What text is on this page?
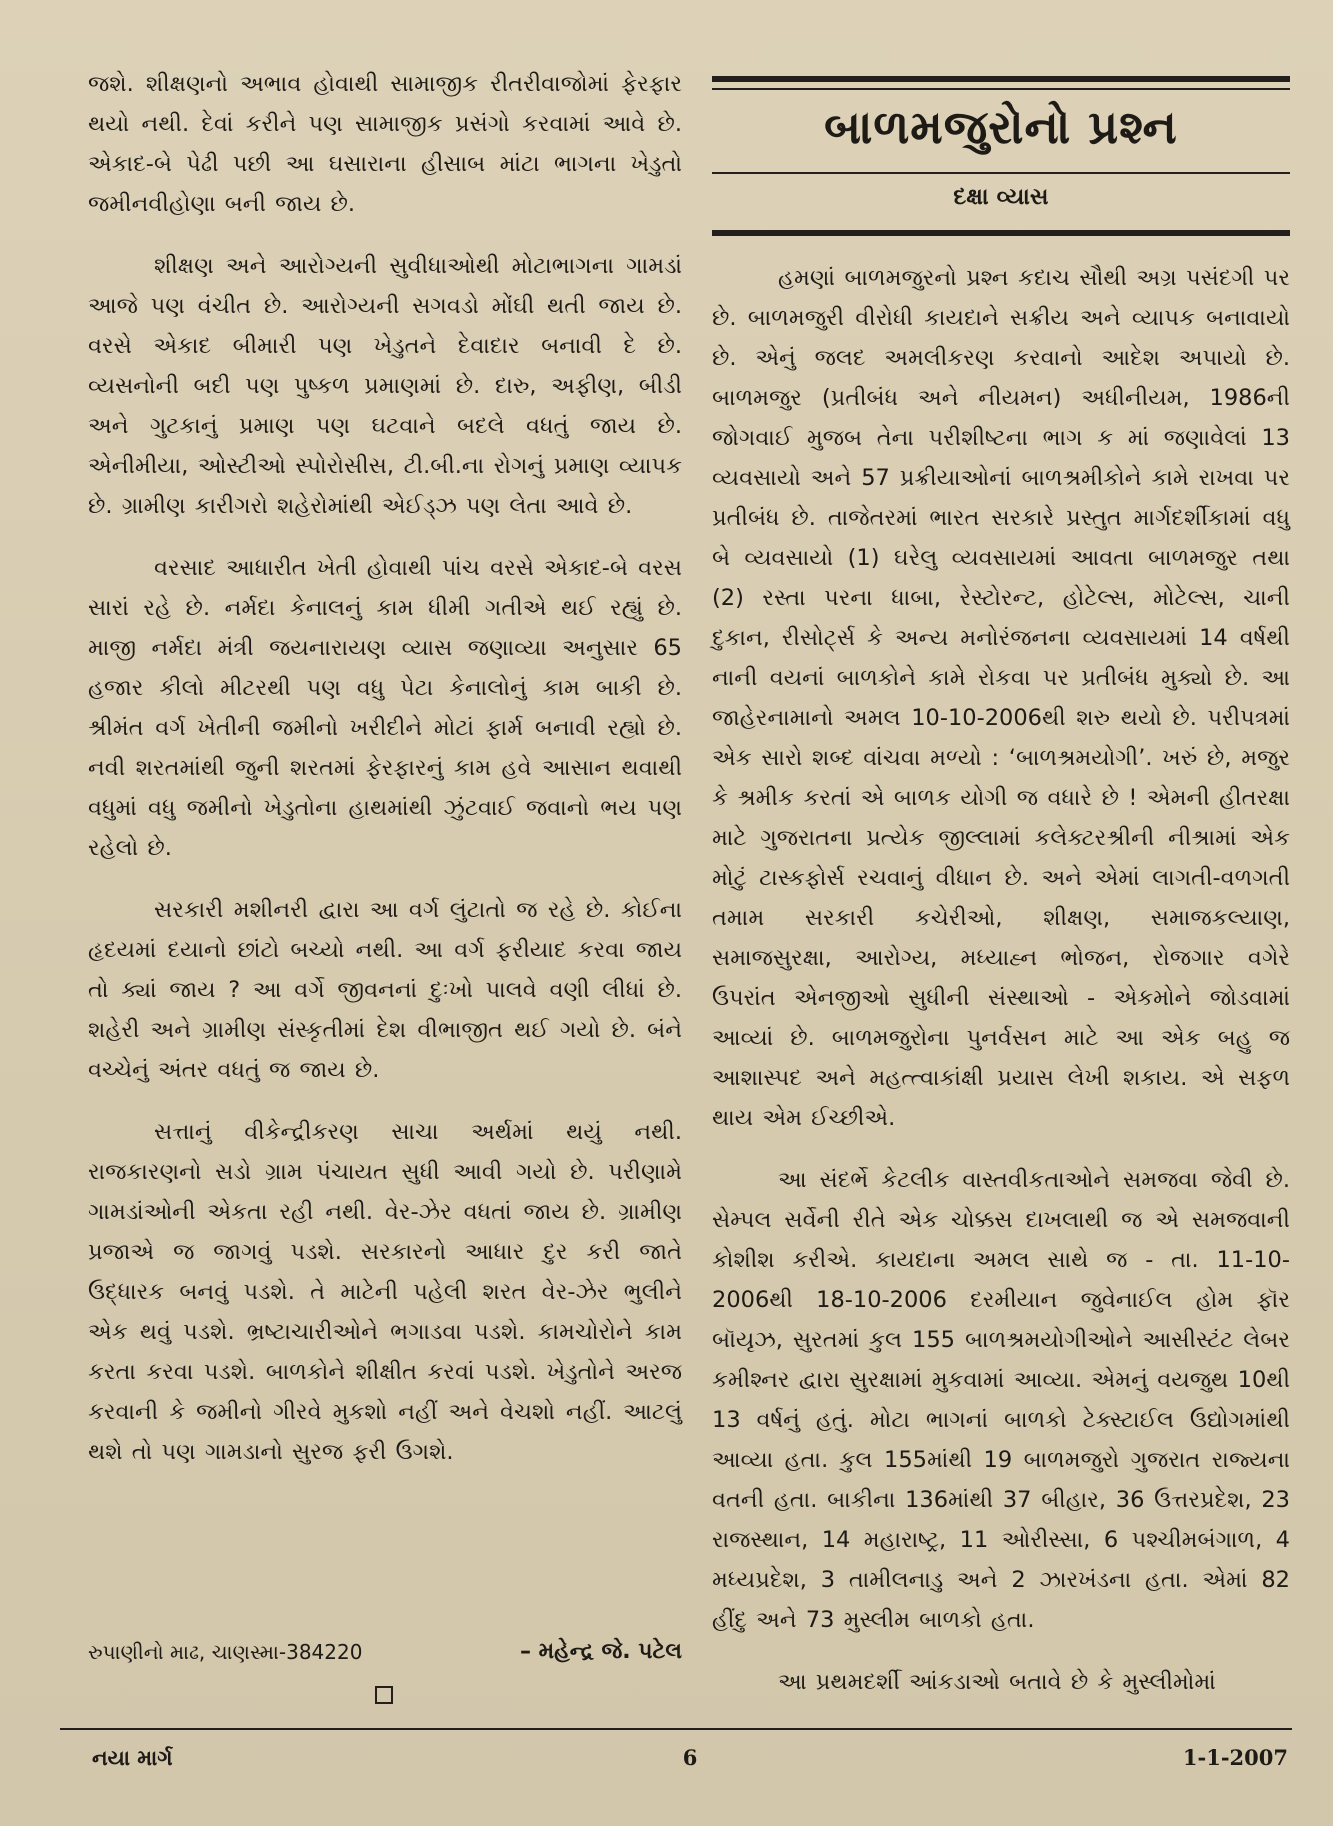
જશે. શીક્ષણનો અભાવ હોવાથી સામાજીક રીતરીવાજોમાં ફેરફાર થયો નથી. દેવાં કરીને પણ સામાજીક પ્રસંગો કરવામાં આવે છે. એકાદ-બે પેઢી પછી આ ઘસારાના હીસાબ માંટા ભાગના ખેડુતો જમીનવીહોણા બની જાય છે.

શીક્ષણ અને આરોગ્યની સુવીધાઓથી મોટાભાગના ગામડાં આજે પણ વંચીત છે. આરોગ્યની સગવડો મોંઘી થતી જાય છે. વરસે એકાદ બીમારી પણ ખેડુતને દેવાદાર બનાવી દે છે. વ્યસનોની બદી પણ પુષ્કળ પ્રમાણમાં છે. દારુ, અફીણ, બીડી અને ગુટકાનું પ્રમાણ પણ ઘટવાને બદલે વધતું જાય છે. એનીમીયા, ઓસ્ટીઓ સ્પોરોસીસ, ટી.બી.ના રોગનું પ્રમાણ વ્યાપક છે. ગ્રામીણ કારીગરો શહેરોમાંથી એઈડ્ઝ પણ લેતા આવે છે.

વરસાદ આધારીત ખેતી હોવાથી પાંચ વરસે એકાદ-બે વરસ સારાં રહે છે. નર્મદા કેનાલનું કામ ધીમી ગતીએ થઈ રહ્યું છે. માજી નર્મદા મંત્રી જયનારાયણ વ્યાસ જણાવ્યા અનુસાર 65 હજાર કીલો મીટરથી પણ વધુ પેટા કેનાલોનું કામ બાકી છે. શ્રીમંત વર્ગ ખેતીની જમીનો ખરીદીને મોટાં ફાર્મ બનાવી રહ્યો છે. નવી શરતમાંથી જુની શરતમાં ફેરફારનું કામ હવે આસાન થવાથી વધુમાં વધુ જમીનો ખેડુતોના હાથમાંથી ઝુંટવાઈ જવાનો ભય પણ રહેલો છે.

સરકારી મશીનરી દ્વારા આ વર્ગ લુંટાતો જ રહે છે. કોઈના હૃદયમાં દયાનો છાંટો બચ્યો નથી. આ વર્ગ ફરીયાદ કરવા જાય તો ક્યાં જાય ? આ વર્ગે જીવનનાં દુઃખો પાલવે વણી લીધાં છે. શહેરી અને ગ્રામીણ સંસ્કૃતીમાં દેશ વીભાજીત થઈ ગયો છે. બંને વચ્ચેનું અંતર વધતું જ જાય છે.

સત્તાનું વીકેન્દ્રીકરણ સાચા અર્થમાં થયું નથી. રાજકારણનો સડો ગ્રામ પંચાયત સુધી આવી ગયો છે. પરીણામે ગામડાંઓની એકતા રહી નથી. વેર-ઝેર વધતાં જાય છે. ગ્રામીણ પ્રજાએ જ જાગવું પડશે. સરકારનો આધાર દુર કરી જાતે ઉદ્ધારક બનવું પડશે. તે માટેની પહેલી શરત વેર-ઝેર ભુલીને એક થવું પડશે. ભ્રષ્ટાચારીઓને ભગાડવા પડશે. કામચોરોને કામ કરતા કરવા પડશે. બાળકોને શીક્ષીત કરવાં પડશે. ખેડુતોને અરજ કરવાની કે જમીનો ગીરવે મુકશો નહીં અને વેચશો નહીં. આટલું થશે તો પણ ગામડાનો સુરજ ફરી ઉગશે.

રુપાણીનો માઢ, ચાણસ્મા-384220	– મહેન્દ્ર જે. પટેલ
બાળમજુરોનો પ્રશ્ન
દક્ષા વ્યાસ

હમણાં બાળમજુરનો પ્રશ્ન કદાચ સૌથી અગ્ર પસંદગી પર છે. બાળમજુરી વીરોધી કાયદાને સક્રીય અને વ્યાપક બનાવાયો છે. એનું જલદ અમલીકરણ કરવાનો આદેશ અપાયો છે. બાળમજુર (પ્રતીબંધ અને નીયમન) અધીનીયમ, 1986ની જોગવાઈ મુજબ તેના પરીશીષ્ટના ભાગ ક માં જણાવેલાં 13 વ્યવસાયો અને 57 પ્રક્રીયાઓનાં બાળશ્રમીકોને કામે રાખવા પર પ્રતીબંધ છે. તાજેતરમાં ભારત સરકારે પ્રસ્તુત માર્ગદર્શીકામાં વધુ બે વ્યવસાયો (1) ઘરેલુ વ્યવસાયમાં આવતા બાળમજુર તથા (2) રસ્તા પરના ધાબા, રેસ્ટોરન્ટ, હોટેલ્સ, મોટેલ્સ, ચાની દુકાન, રીસોર્ટ્સ કે અન્ય મનોરંજનના વ્યવસાયમાં 14 વર્ષથી નાની વયનાં બાળકોને કામે રોકવા પર પ્રતીબંધ મુક્યો છે. આ જાહેરનામાનો અમલ 10-10-2006થી શરુ થયો છે. પરીપત્રમાં એક સારો શબ્દ વાંચવા મળ્યો : ‘બાળશ્રમયોગી’. ખરું છે, મજુર કે શ્રમીક કરતાં એ બાળક યોગી જ વધારે છે ! એમની હીતરક્ષા માટે ગુજરાતના પ્રત્યેક જીલ્લામાં કલેક્ટરશ્રીની નીશ્રામાં એક મોટું ટાસ્કફોર્સ રચવાનું વીધાન છે. અને એમાં લાગતી-વળગતી તમામ સરકારી કચેરીઓ, શીક્ષણ, સમાજકલ્યાણ, સમાજસુરક્ષા, આરોગ્ય, મધ્યાહ્ન ભોજન, રોજગાર વગેરે ઉપરાંત એનજીઓ સુધીની સંસ્થાઓ - એકમોને જોડવામાં આવ્યાં છે. બાળમજુરોના પુનર્વસન માટે આ એક બહુ જ આશાસ્પદ અને મહત્ત્વાકાંક્ષી પ્રયાસ લેખી શકાય. એ સફળ થાય એમ ઈચ્છીએ.

આ સંદર્ભે કેટલીક વાસ્તવીકતાઓને સમજવા જેવી છે. સેમ્પલ સર્વેની રીતે એક ચોક્કસ દાખલાથી જ એ સમજવાની કોશીશ કરીએ. કાયદાના અમલ સાથે જ - તા. 11-10- 2006થી 18-10-2006 દરમીયાન જુવેનાઈલ હોમ ફૉર બૉયૃઝ, સુરતમાં કુલ 155 બાળશ્રમયોગીઓને આસીસ્ટંટ લેબર કમીશ્નર દ્વારા સુરક્ષામાં મુકવામાં આવ્યા. એમનું વયજુથ 10થી 13 વર્ષનું હતું. મોટા ભાગનાં બાળકો ટેક્સ્ટાઈલ ઉદ્યોગમાંથી આવ્યા હતા. કુલ 155માંથી 19 બાળમજુરો ગુજરાત રાજ્યના વતની હતા. બાકીના 136માંથી 37 બીહાર, 36 ઉત્તરપ્રદેશ, 23 રાજસ્થાન, 14 મહારાષ્ટ્ર, 11 ઓરીસ્સા, 6 પશ્ચીમબંગાળ, 4 મધ્યપ્રદેશ, 3 તામીલનાડુ અને 2 ઝારખંડના હતા. એમાં 82 હીંદુ અને 73 મુસ્લીમ બાળકો હતા.

આ પ્રથમદર્શી આંકડાઓ બતાવે છે કે મુસ્લીમોમાં

નયા માર્ગ	6	1-1-2007
